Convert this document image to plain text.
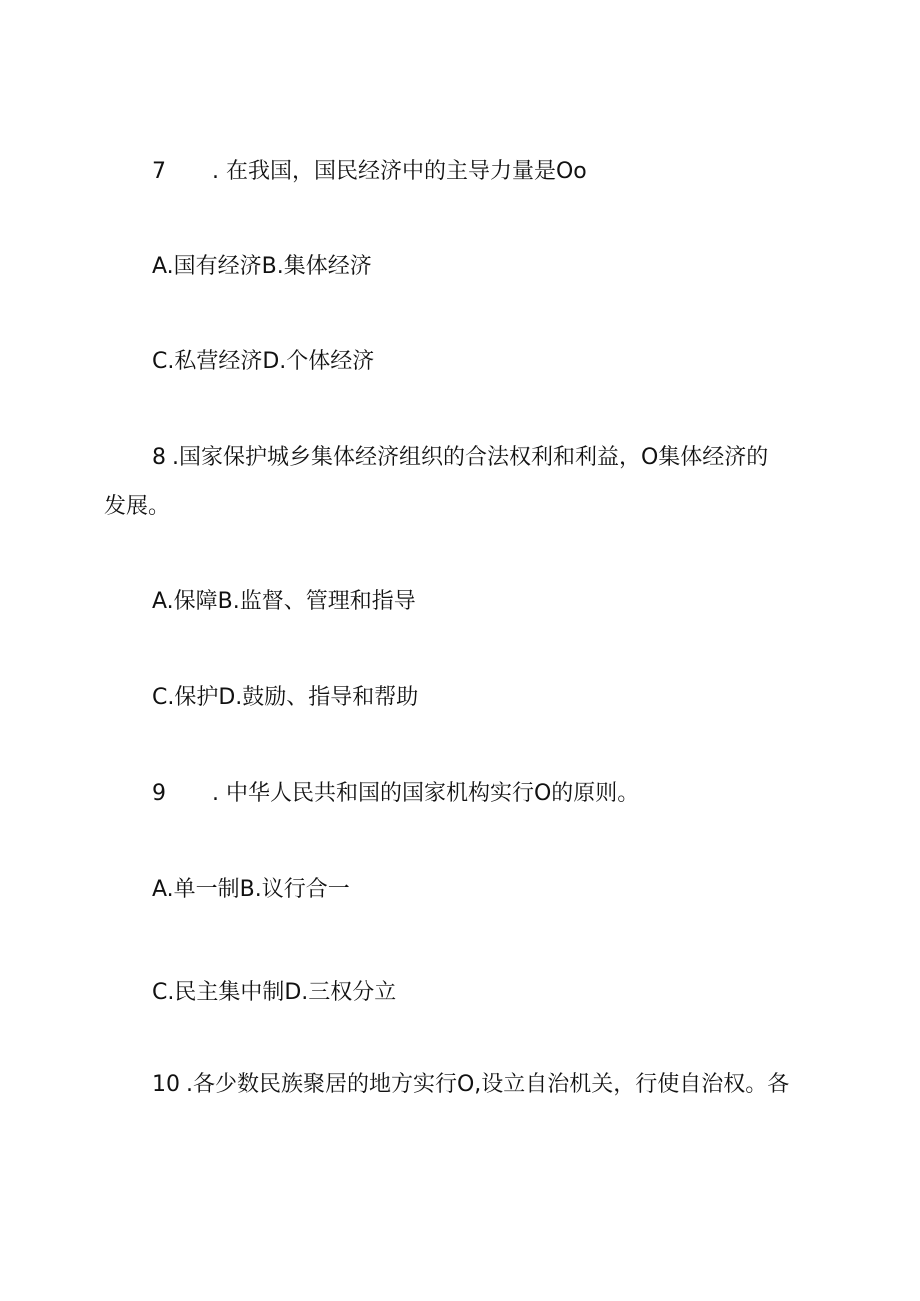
7 . 在我国，国民经济中的主导力量是Oo
A.国有经济B.集体经济
C.私营经济D.个体经济
8 .国家保护城乡集体经济组织的合法权利和利益，O集体经济的
发展。
A.保障B.监督、管理和指导
C.保护D.鼓励、指导和帮助
9 . 中华人民共和国的国家机构实行O的原则。
A.单一制B.议行合一
C.民主集中制D.三权分立
10 .各少数民族聚居的地方实行O,设立自治机关，行使自治权。各
